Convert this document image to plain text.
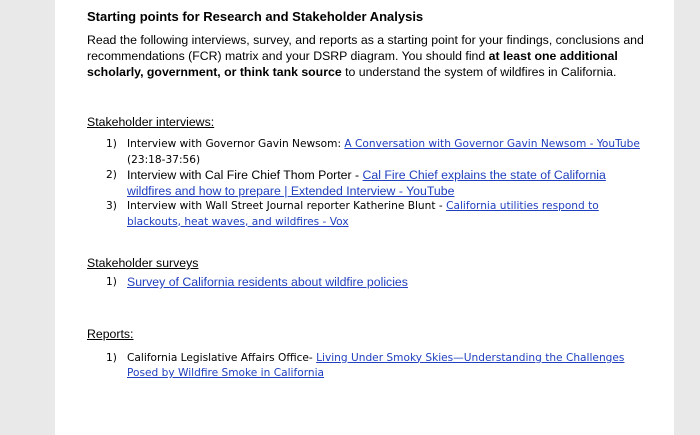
Starting points for Research and Stakeholder Analysis

Read the following interviews, survey, and reports as a starting point for your findings, conclusions and recommendations (FCR) matrix and your DSRP diagram. You should find at least one additional scholarly, government, or think tank source to understand the system of wildfires in California.

Stakeholder interviews:
1) Interview with Governor Gavin Newsom: A Conversation with Governor Gavin Newsom - YouTube (23:18-37:56)
2) Interview with Cal Fire Chief Thom Porter - Cal Fire Chief explains the state of California wildfires and how to prepare | Extended Interview - YouTube
3) Interview with Wall Street Journal reporter Katherine Blunt - California utilities respond to blackouts, heat waves, and wildfires - Vox
Stakeholder surveys
1) Survey of California residents about wildfire policies
Reports:
1) California Legislative Affairs Office- Living Under Smoky Skies—Understanding the Challenges Posed by Wildfire Smoke in California
